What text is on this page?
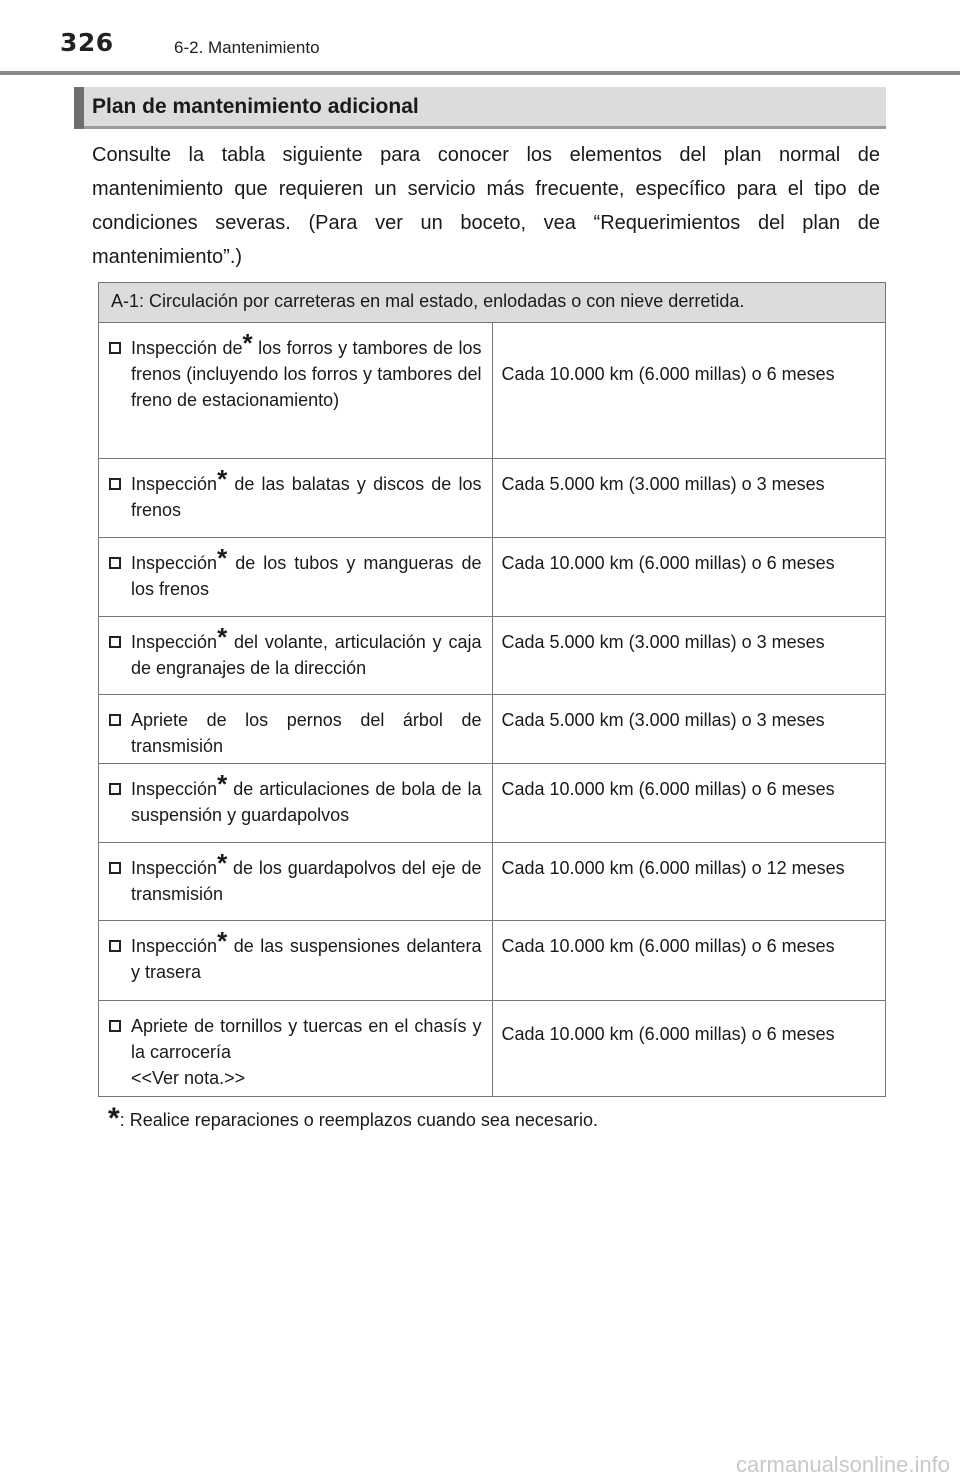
326	6-2. Mantenimiento
Plan de mantenimiento adicional
Consulte la tabla siguiente para conocer los elementos del plan normal de mantenimiento que requieren un servicio más frecuente, específico para el tipo de condiciones severas. (Para ver un boceto, vea “Requerimientos del plan de mantenimiento”.)
A-1: Circulación por carreteras en mal estado, enlodadas o con nieve derretida.	

Inspección de* los forros y tambores de los frenos (incluyendo los forros y tambores del freno de estacionamiento)	Cada 10.000 km (6.000 millas) o 6 meses

Inspección* de las balatas y discos de los frenos	Cada 5.000 km (3.000 millas) o 3 meses

Inspección* de los tubos y mangueras de los frenos	Cada 10.000 km (6.000 millas) o 6 meses

Inspección* del volante, articulación y caja de engranajes de la dirección	Cada 5.000 km (3.000 millas) o 3 meses

Apriete de los pernos del árbol de transmisión	Cada 5.000 km (3.000 millas) o 3 meses

Inspección* de articulaciones de bola de la suspensión y guardapolvos	Cada 10.000 km (6.000 millas) o 6 meses

Inspección* de los guardapolvos del eje de transmisión	Cada 10.000 km (6.000 millas) o 12 meses

Inspección* de las suspensiones delantera y trasera	Cada 10.000 km (6.000 millas) o 6 meses

Apriete de tornillos y tuercas en el chasís y la carrocería
<<Ver nota.>>	Cada 10.000 km (6.000 millas) o 6 meses
*: Realice reparaciones o reemplazos cuando sea necesario.
carmanualsonline.info
